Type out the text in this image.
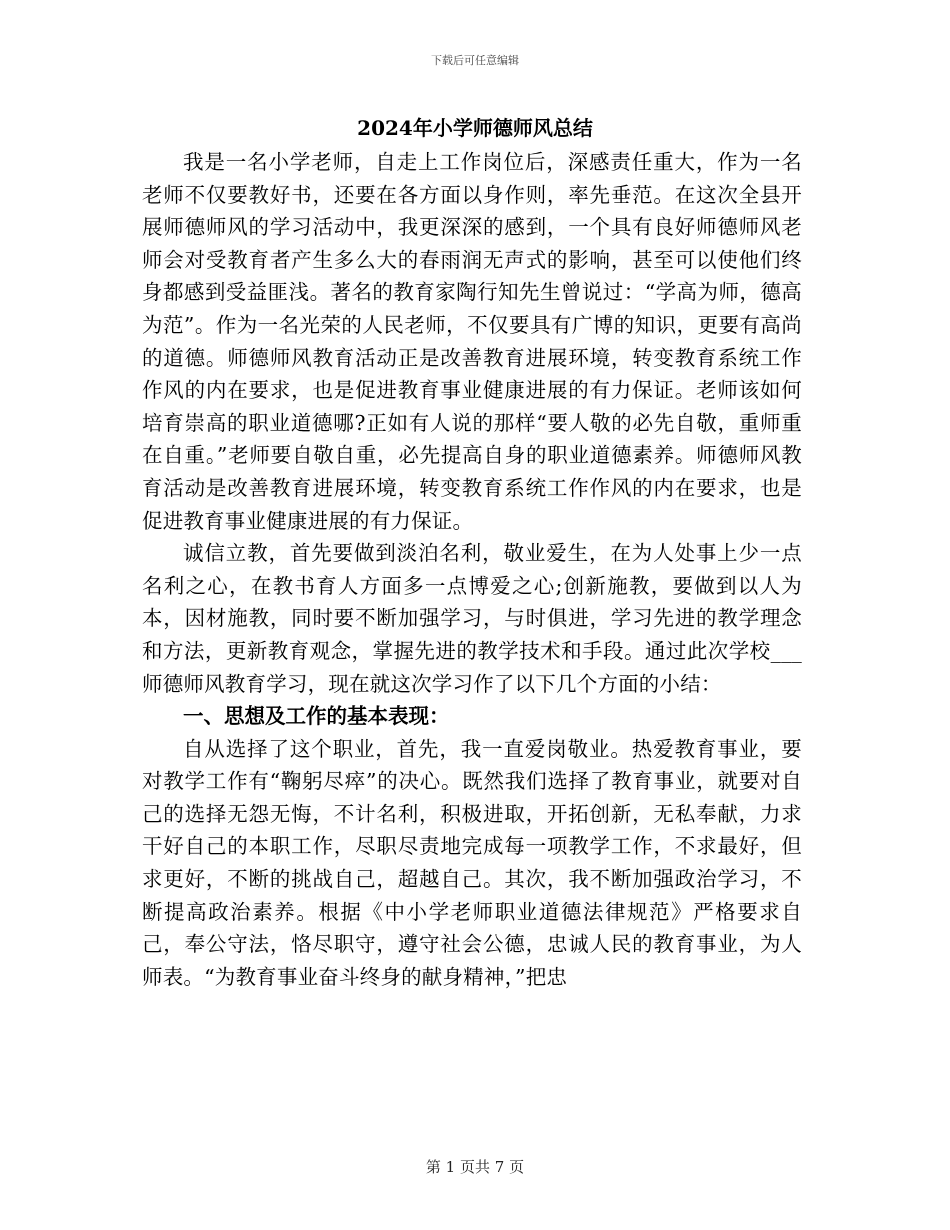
下载后可任意编辑
2024年小学师德师风总结

我是一名小学老师，自走上工作岗位后，深感责任重大，作为一名老师不仅要教好书，还要在各方面以身作则，率先垂范。在这次全县开展师德师风的学习活动中，我更深深的感到，一个具有良好师德师风老师会对受教育者产生多么大的春雨润无声式的影响，甚至可以使他们终身都感到受益匪浅。著名的教育家陶行知先生曾说过：“学高为师，德高为范”。作为一名光荣的人民老师，不仅要具有广博的知识，更要有高尚的道德。师德师风教育活动正是改善教育进展环境，转变教育系统工作作风的内在要求，也是促进教育事业健康进展的有力保证。老师该如何培育崇高的职业道德哪?正如有人说的那样“要人敬的必先自敬，重师重在自重。”老师要自敬自重，必先提高自身的职业道德素养。师德师风教育活动是改善教育进展环境，转变教育系统工作作风的内在要求，也是促进教育事业健康进展的有力保证。

诚信立教，首先要做到淡泊名利，敬业爱生，在为人处事上少一点名利之心，在教书育人方面多一点博爱之心;创新施教，要做到以人为本，因材施教，同时要不断加强学习，与时俱进，学习先进的教学理念和方法，更新教育观念，掌握先进的教学技术和手段。通过此次学校___师德师风教育学习，现在就这次学习作了以下几个方面的小结：

一、思想及工作的基本表现：

自从选择了这个职业，首先，我一直爱岗敬业。热爱教育事业，要对教学工作有“鞠躬尽瘁”的决心。既然我们选择了教育事业，就要对自己的选择无怨无悔，不计名利，积极进取，开拓创新，无私奉献，力求干好自己的本职工作，尽职尽责地完成每一项教学工作，不求最好，但求更好，不断的挑战自己，超越自己。其次，我不断加强政治学习，不断提高政治素养。根据《中小学老师职业道德法律规范》严格要求自己，奉公守法，恪尽职守，遵守社会公德，忠诚人民的教育事业，为人师表。“为教育事业奋斗终身的献身精神，”把忠

第 1 页共 7 页
